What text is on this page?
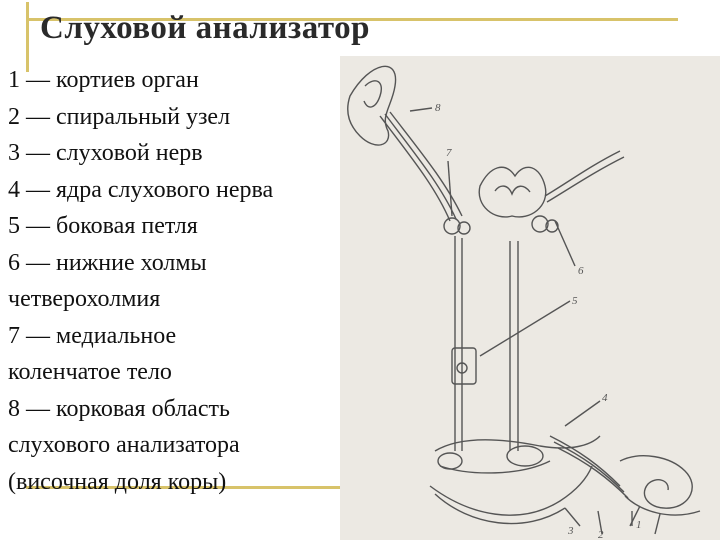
Слуховой анализатор
1 — кортиев орган
2 — спиральный узел
3 — слуховой нерв
4 — ядра слухового нерва
5 — боковая петля
6 — нижние холмы
четверохолмия
7 — медиальное
коленчатое тело
8 — корковая область
слухового анализатора
(височная доля коры)
8
7
6
5
4
3 2
1
